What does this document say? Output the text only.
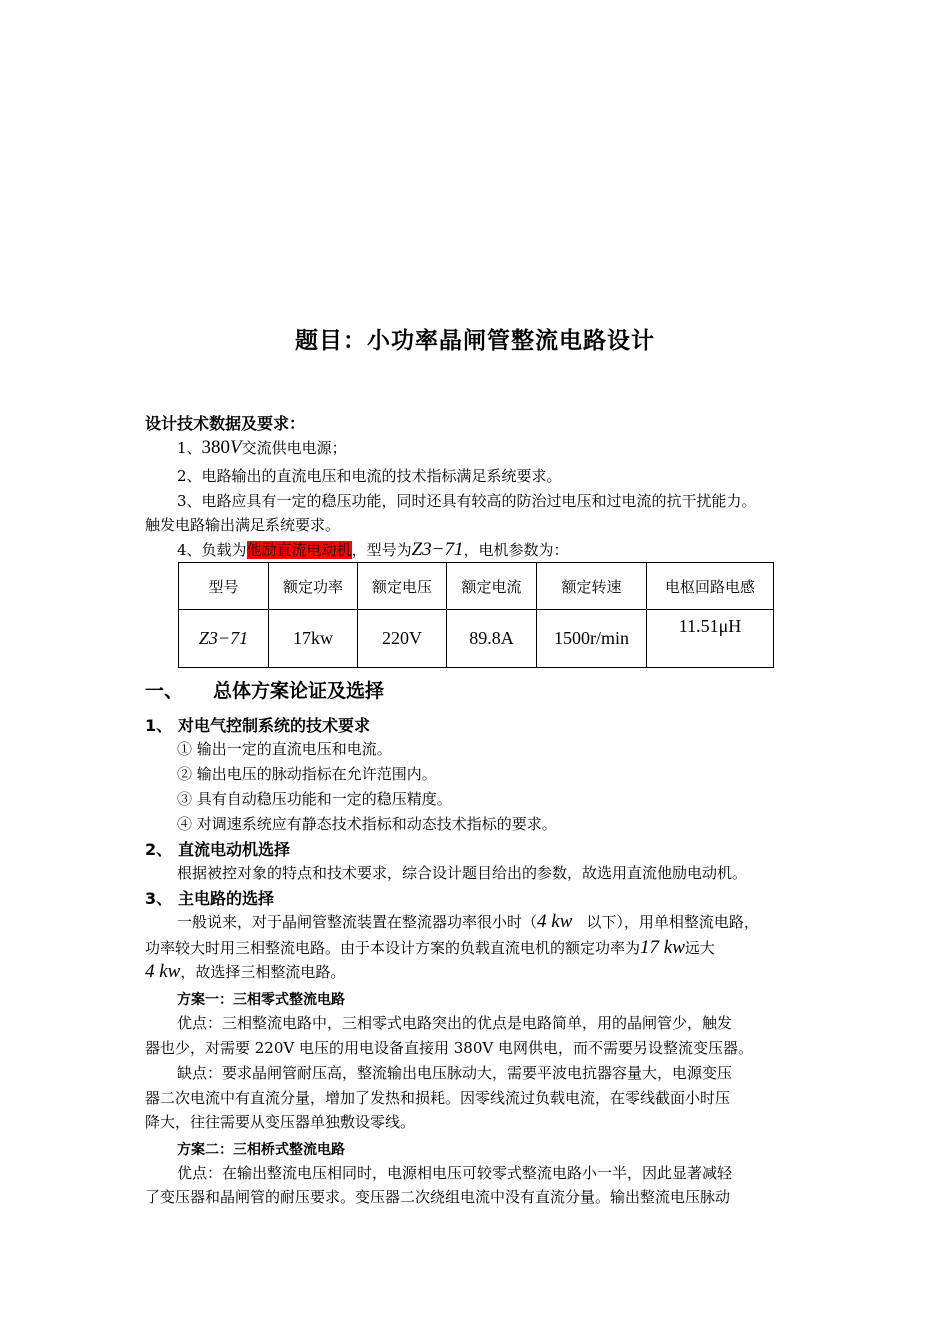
题目：小功率晶闸管整流电路设计
设计技术数据及要求：
1、380V交流供电电源；
2、电路输出的直流电压和电流的技术指标满足系统要求。
3、电路应具有一定的稳压功能，同时还具有较高的防治过电压和过电流的抗干扰能力。
触发电路输出满足系统要求。
4、负载为他励直流电动机，型号为Z3−71，电机参数为：
型号	额定功率	额定电压	额定电流	额定转速	电枢回路电感
Z3−71	17kw	220V	89.8A	1500r/min	11.51μH
一、 总体方案论证及选择
1、 对电气控制系统的技术要求
① 输出一定的直流电压和电流。
② 输出电压的脉动指标在允许范围内。
③ 具有自动稳压功能和一定的稳压精度。
④ 对调速系统应有静态技术指标和动态技术指标的要求。
2、 直流电动机选择
根据被控对象的特点和技术要求，综合设计题目给出的参数，故选用直流他励电动机。
3、 主电路的选择
一般说来，对于晶闸管整流装置在整流器功率很小时（4 kw 以下），用单相整流电路，
功率较大时用三相整流电路。由于本设计方案的负载直流电机的额定功率为17 kw远大
4 kw，故选择三相整流电路。
方案一：三相零式整流电路
优点：三相整流电路中，三相零式电路突出的优点是电路简单，用的晶闸管少，触发
器也少，对需要 220V 电压的用电设备直接用 380V 电网供电，而不需要另设整流变压器。
缺点：要求晶闸管耐压高，整流输出电压脉动大，需要平波电抗器容量大，电源变压
器二次电流中有直流分量，增加了发热和损耗。因零线流过负载电流，在零线截面小时压
降大，往往需要从变压器单独敷设零线。
方案二：三相桥式整流电路
优点：在输出整流电压相同时，电源相电压可较零式整流电路小一半，因此显著减轻
了变压器和晶闸管的耐压要求。变压器二次绕组电流中没有直流分量。输出整流电压脉动
